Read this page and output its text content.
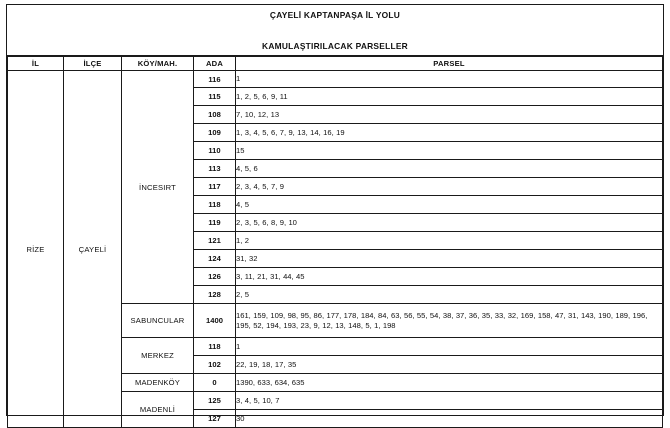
ÇAYELİ KAPTANPAŞA İL YOLU
KAMULAŞTIRILACAK PARSELLER
İL	İLÇE	KÖY/MAH.	ADA	PARSEL
RİZE	ÇAYELİ	İNCESIRT	116	1
			115	1, 2, 5, 6, 9, 11
			108	7, 10, 12, 13
			109	1, 3, 4, 5, 6, 7, 9, 13, 14, 16, 19
			110	15
			113	4, 5, 6
			117	2, 3, 4, 5, 7, 9
			118	4, 5
			119	2, 3, 5, 6, 8, 9, 10
			121	1, 2
			124	31, 32
			126	3, 11, 21, 31, 44, 45
			128	2, 5
		SABUNCULAR	1400	161, 159, 109, 98, 95, 86, 177, 178, 184, 84, 63, 56, 55, 54, 38, 37, 36, 35, 33, 32, 169, 158, 47, 31, 143, 190, 189, 196, 195, 52, 194, 193, 23, 9, 12, 13, 148, 5, 1, 198
		MERKEZ	118	1
			102	22, 19, 18, 17, 35
		MADENKÖY	0	1390, 633, 634, 635
		MADENLİ	125	3, 4, 5, 10, 7
			127	30
